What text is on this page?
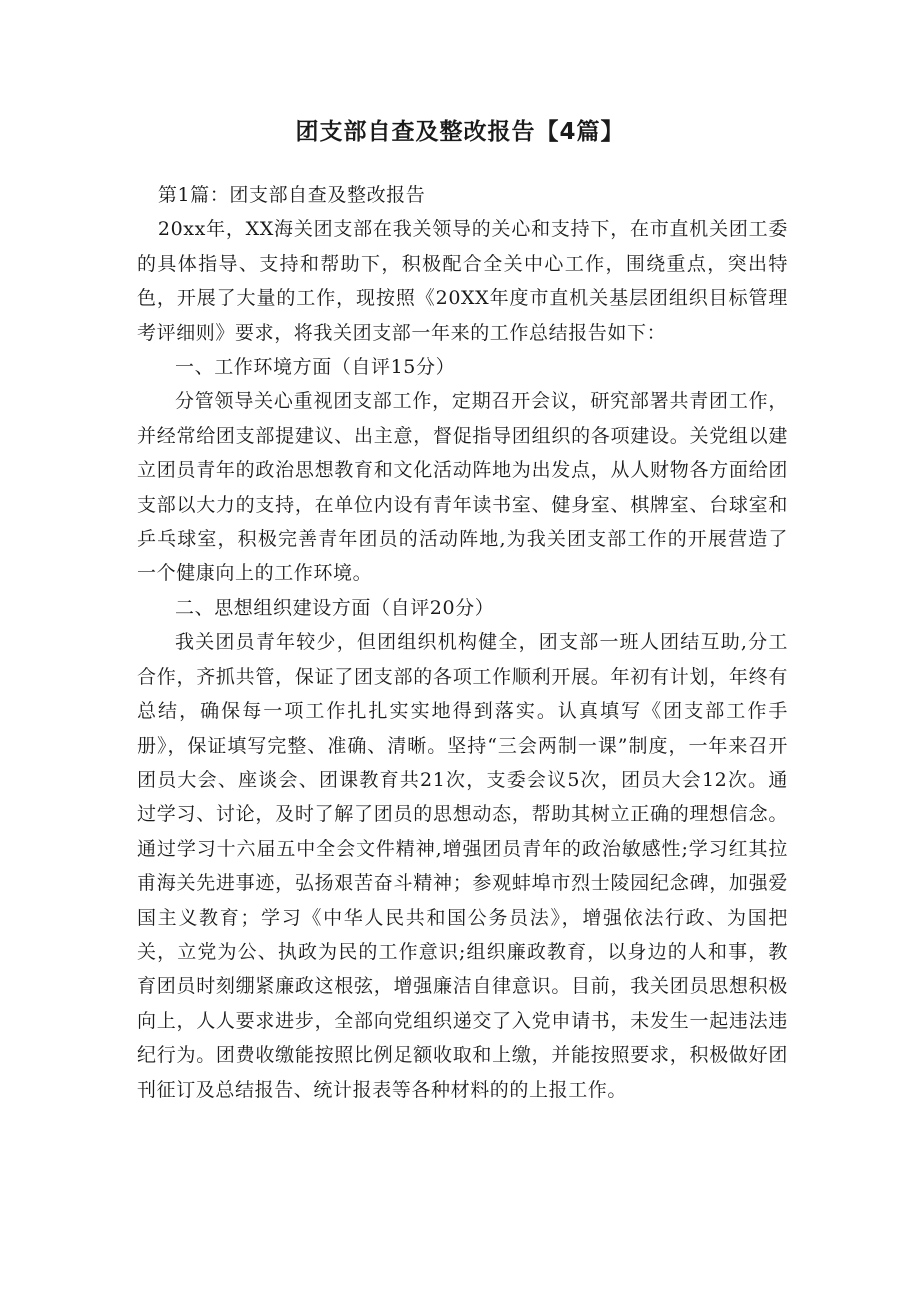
团支部自查及整改报告【4篇】

第1篇：团支部自查及整改报告

20xx年，XX海关团支部在我关领导的关心和支持下，在市直机关团工委的具体指导、支持和帮助下，积极配合全关中心工作，围绕重点，突出特色，开展了大量的工作，现按照《20XX年度市直机关基层团组织目标管理考评细则》要求，将我关团支部一年来的工作总结报告如下：

一、工作环境方面（自评15分）

分管领导关心重视团支部工作，定期召开会议，研究部署共青团工作，并经常给团支部提建议、出主意，督促指导团组织的各项建设。关党组以建立团员青年的政治思想教育和文化活动阵地为出发点，从人财物各方面给团支部以大力的支持，在单位内设有青年读书室、健身室、棋牌室、台球室和乒乓球室，积极完善青年团员的活动阵地,为我关团支部工作的开展营造了一个健康向上的工作环境。

二、思想组织建设方面（自评20分）

我关团员青年较少，但团组织机构健全，团支部一班人团结互助,分工合作，齐抓共管，保证了团支部的各项工作顺利开展。年初有计划，年终有总结，确保每一项工作扎扎实实地得到落实。认真填写《团支部工作手册》，保证填写完整、准确、清晰。坚持“三会两制一课”制度，一年来召开团员大会、座谈会、团课教育共21次，支委会议5次，团员大会12次。通过学习、讨论，及时了解了团员的思想动态，帮助其树立正确的理想信念。通过学习十六届五中全会文件精神,增强团员青年的政治敏感性;学习红其拉甫海关先进事迹，弘扬艰苦奋斗精神；参观蚌埠市烈士陵园纪念碑，加强爱国主义教育；学习《中华人民共和国公务员法》，增强依法行政、为国把关，立党为公、执政为民的工作意识;组织廉政教育，以身边的人和事，教育团员时刻绷紧廉政这根弦，增强廉洁自律意识。目前，我关团员思想积极向上，人人要求进步，全部向党组织递交了入党申请书，未发生一起违法违纪行为。团费收缴能按照比例足额收取和上缴，并能按照要求，积极做好团刊征订及总结报告、统计报表等各种材料的的上报工作。
